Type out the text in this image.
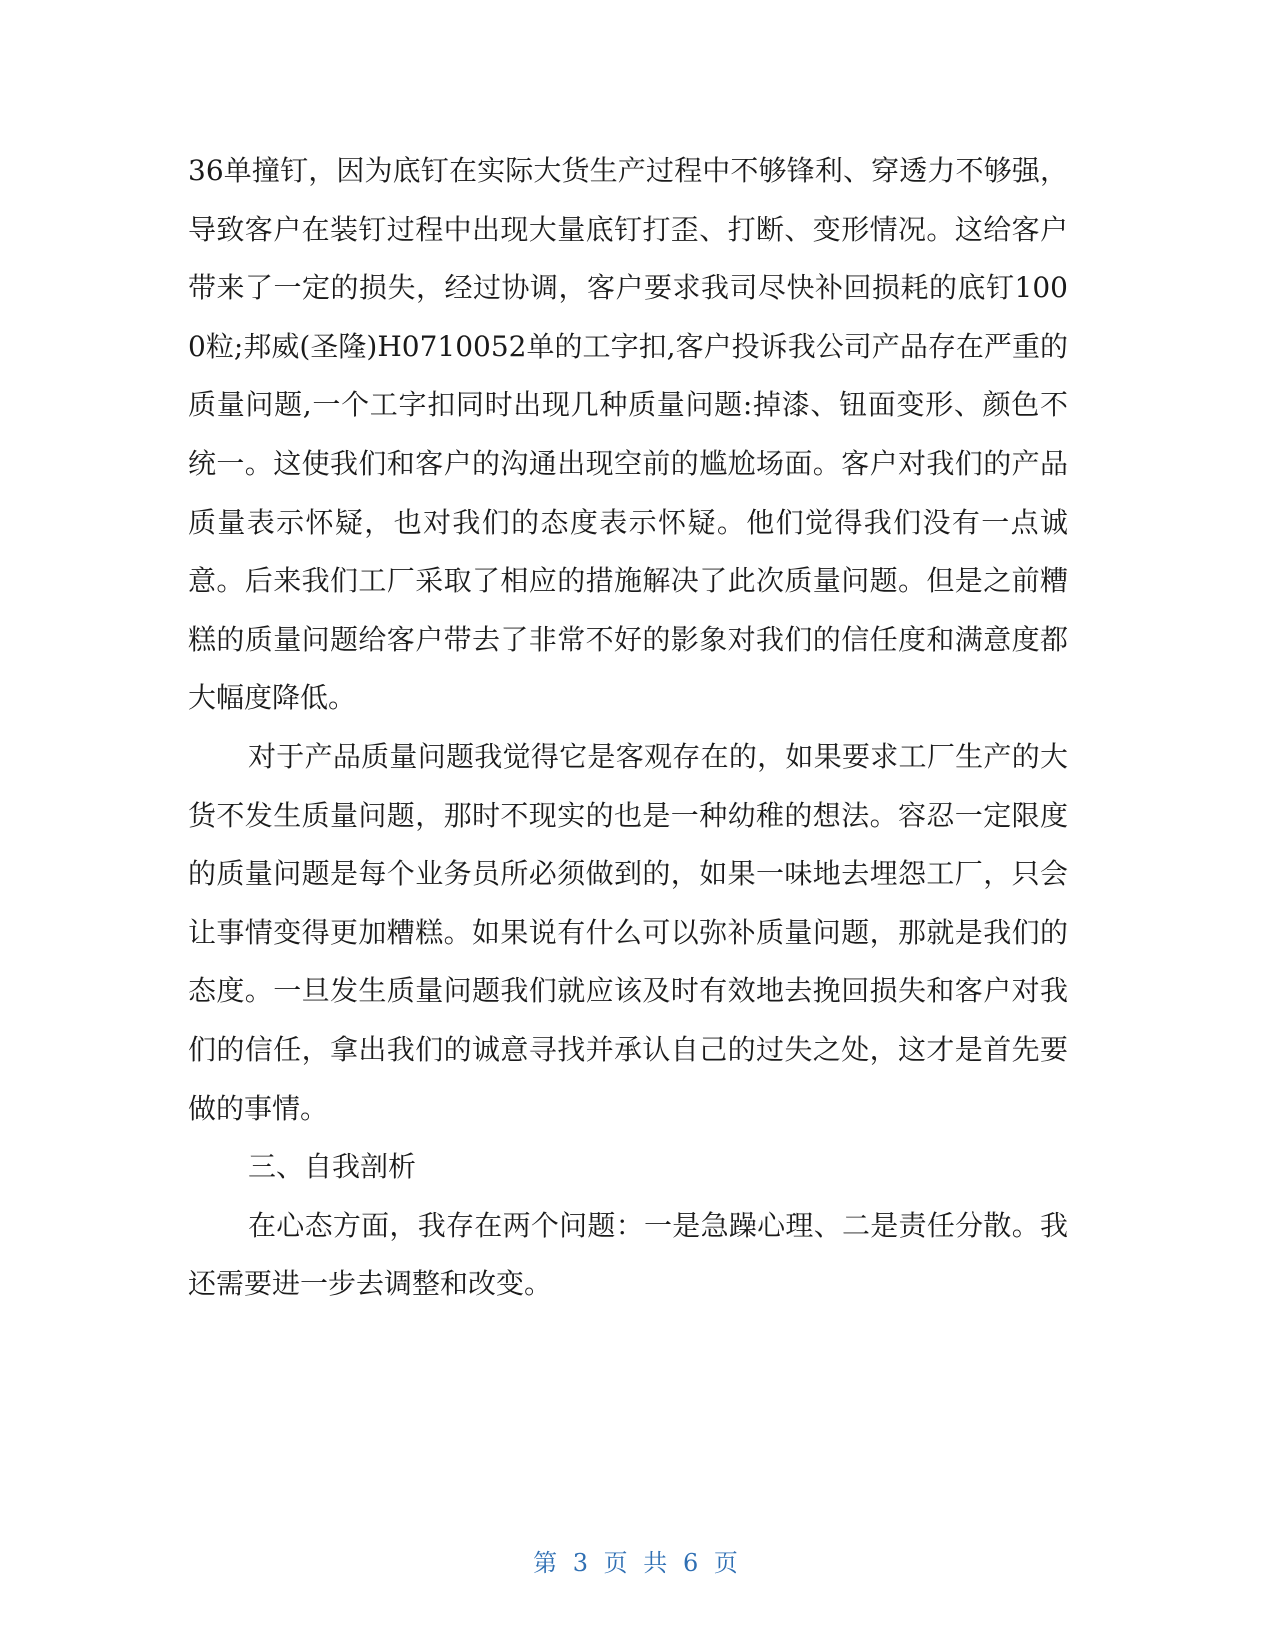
36单撞钉，因为底钉在实际大货生产过程中不够锋利、穿透力不够强，导致客户在装钉过程中出现大量底钉打歪、打断、变形情况。这给客户带来了一定的损失，经过协调，客户要求我司尽快补回损耗的底钉1000粒;邦威(圣隆)H0710052单的工字扣,客户投诉我公司产品存在严重的质量问题,一个工字扣同时出现几种质量问题:掉漆、钮面变形、颜色不统一。这使我们和客户的沟通出现空前的尴尬场面。客户对我们的产品质量表示怀疑，也对我们的态度表示怀疑。他们觉得我们没有一点诚意。后来我们工厂采取了相应的措施解决了此次质量问题。但是之前糟糕的质量问题给客户带去了非常不好的影象对我们的信任度和满意度都大幅度降低。

对于产品质量问题我觉得它是客观存在的，如果要求工厂生产的大货不发生质量问题，那时不现实的也是一种幼稚的想法。容忍一定限度的质量问题是每个业务员所必须做到的，如果一味地去埋怨工厂，只会让事情变得更加糟糕。如果说有什么可以弥补质量问题，那就是我们的态度。一旦发生质量问题我们就应该及时有效地去挽回损失和客户对我们的信任，拿出我们的诚意寻找并承认自己的过失之处，这才是首先要做的事情。

三、自我剖析

在心态方面，我存在两个问题：一是急躁心理、二是责任分散。我还需要进一步去调整和改变。

第 3 页 共 6 页
